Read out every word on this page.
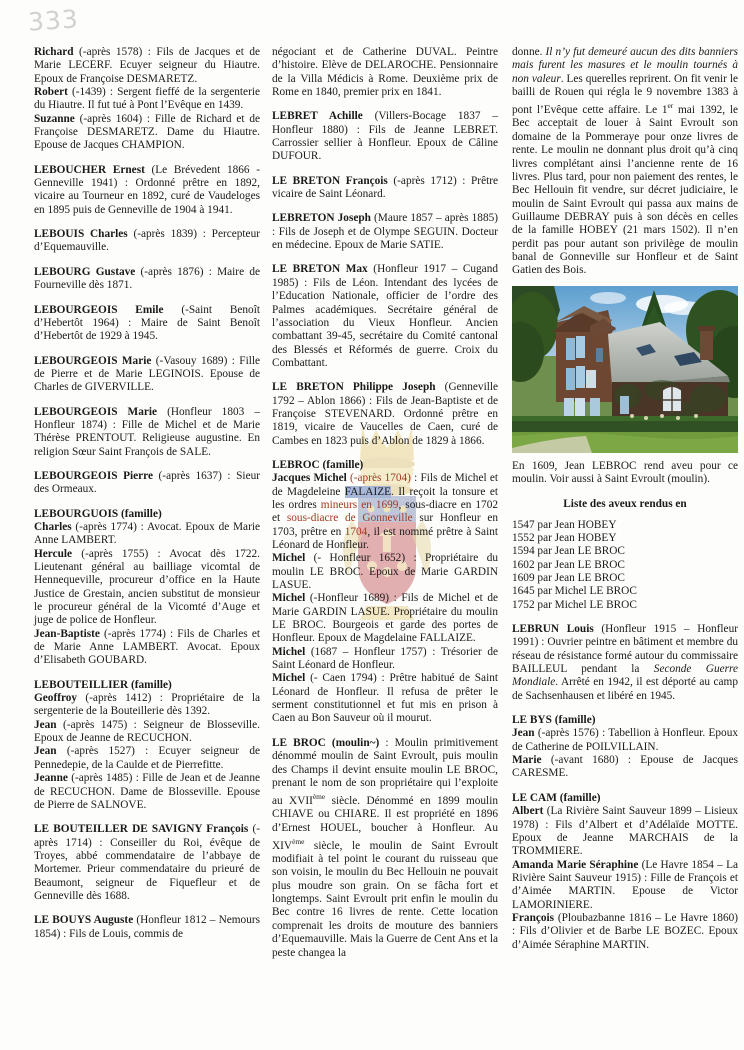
333

Richard (-après 1578) : Fils de Jacques et de Marie LECERF. Ecuyer seigneur du Hiautre. Epoux de Françoise DESMARETZ.

Robert (-1439) : Sergent fieffé de la sergenterie du Hiautre. Il fut tué à Pont l’Evêque en 1439.

Suzanne (-après 1604) : Fille de Richard et de Françoise DESMARETZ. Dame du Hiautre. Epouse de Jacques CHAMPION.

LEBOUCHER Ernest (Le Brévedent 1866 - Genneville 1941) : Ordonné prêtre en 1892, vicaire au Tourneur en 1892, curé de Vaudeloges en 1895 puis de Genneville de 1904 à 1941.

LEBOUIS Charles (-après 1839) : Percepteur d’Equemauville.

LEBOURG Gustave (-après 1876) : Maire de Fourneville dès 1871.

LEBOURGEOIS Emile (-Saint Benoît d’Hebertôt 1964) : Maire de Saint Benoît d’Hebertôt de 1929 à 1945.

LEBOURGEOIS Marie (-Vasouy 1689) : Fille de Pierre et de Marie LEGINOIS. Epouse de Charles de GIVERVILLE.

LEBOURGEOIS Marie (Honfleur 1803 – Honfleur 1874) : Fille de Michel et de Marie Thérèse PRENTOUT. Religieuse augustine. En religion Sœur Saint François de SALE.

LEBOURGEOIS Pierre (-après 1637) : Sieur des Ormeaux.

LEBOURGUOIS (famille)

Charles (-après 1774) : Avocat. Epoux de Marie Anne LAMBERT.

Hercule (-après 1755) : Avocat dès 1722. Lieutenant général au bailliage vicomtal de Hennequeville, procureur d’office en la Haute Justice de Grestain, ancien substitut de monsieur le procureur général de la Vicomté d’Auge et juge de police de Honfleur.

Jean-Baptiste (-après 1774) : Fils de Charles et de Marie Anne LAMBERT. Avocat. Epoux d’Elisabeth GOUBARD.

LEBOUTEILLIER (famille)

Geoffroy (-après 1412) : Propriétaire de la sergenterie de la Bouteillerie dès 1392.

Jean (-après 1475) : Seigneur de Blosseville. Epoux de Jeanne de RECUCHON.

Jean (-après 1527) : Ecuyer seigneur de Pennedepie, de la Caulde et de Pierrefitte.

Jeanne (-après 1485) : Fille de Jean et de Jeanne de RECUCHON. Dame de Blosseville. Epouse de Pierre de SALNOVE.

LE BOUTEILLER DE SAVIGNY François (-après 1714) : Conseiller du Roi, évêque de Troyes, abbé commendataire de l’abbaye de Mortemer. Prieur commendataire du prieuré de Beaumont, seigneur de Fiquefleur et de Genneville dès 1688.

LE BOUYS Auguste (Honfleur 1812 – Nemours 1854) : Fils de Louis, commis de

négociant et de Catherine DUVAL. Peintre d’histoire. Elève de DELAROCHE. Pensionnaire de la Villa Médicis à Rome. Deuxième prix de Rome en 1840, premier prix en 1841.

LEBRET Achille (Villers-Bocage 1837 – Honfleur 1880) : Fils de Jeanne LEBRET. Carrossier sellier à Honfleur. Epoux de Câline DUFOUR.

LE BRETON François (-après 1712) : Prêtre vicaire de Saint Léonard.

LEBRETON Joseph (Maure 1857 – après 1885) : Fils de Joseph et de Olympe SEGUIN. Docteur en médecine. Epoux de Marie SATIE.

LE BRETON Max (Honfleur 1917 – Cugand 1985) : Fils de Léon. Intendant des lycées de l’Education Nationale, officier de l’ordre des Palmes académiques. Secrétaire général de l’association du Vieux Honfleur. Ancien combattant 39-45, secrétaire du Comité cantonal des Blessés et Réformés de guerre. Croix du Combattant.

LE BRETON Philippe Joseph (Genneville 1792 – Ablon 1866) : Fils de Jean-Baptiste et de Françoise STEVENARD. Ordonné prêtre en 1819, vicaire de Vaucelles de Caen, curé de Cambes en 1823 puis d’Ablon de 1829 à 1866.

LEBROC (famille)

Jacques Michel (-après 1704) : Fils de Michel et de Magdeleine FALAIZE. Il reçoit la tonsure et les ordres mineurs en 1699, sous-diacre en 1702 et sous-diacre de Gonneville sur Honfleur en 1703, prêtre en 1704, il est nommé prêtre à Saint Léonard de Honfleur.

Michel (- Honfleur 1652) : Propriétaire du moulin LE BROC. Epoux de Marie GARDIN LASUE.

Michel (-Honfleur 1689) : Fils de Michel et de Marie GARDIN LASUE. Propriétaire du moulin LE BROC. Bourgeois et garde des portes de Honfleur. Epoux de Magdelaine FALLAIZE.

Michel (1687 – Honfleur 1757) : Trésorier de Saint Léonard de Honfleur.

Michel (- Caen 1794) : Prêtre habitué de Saint Léonard de Honfleur. Il refusa de prêter le serment constitutionnel et fut mis en prison à Caen au Bon Sauveur où il mourut.

LE BROC (moulin~) : Moulin primitivement dénommé moulin de Saint Evroult, puis moulin des Champs il devint ensuite moulin LE BROC, prenant le nom de son propriétaire qui l’exploite au XVIIème siècle. Dénommé en 1899 moulin CHIAVE ou CHIARE. Il est propriété en 1896 d’Ernest HOUEL, boucher à Honfleur. Au XIVème siècle, le moulin de Saint Evroult modifiait à tel point le courant du ruisseau que son voisin, le moulin du Bec Hellouin ne pouvait plus moudre son grain. On se fâcha fort et longtemps. Saint Evroult prit enfin le moulin du Bec contre 16 livres de rente. Cette location comprenait les droits de mouture des banniers d’Equemauville. Mais la Guerre de Cent Ans et la peste changea la

donne. Il n’y fut demeuré aucun des dits banniers mais furent les masures et le moulin tournés à non valeur. Les querelles reprirent. On fit venir le bailli de Rouen qui régla le 9 novembre 1383 à pont l’Evêque cette affaire. Le 1er mai 1392, le Bec acceptait de louer à Saint Evroult son domaine de la Pommeraye pour onze livres de rente. Le moulin ne donnant plus droit qu’à cinq livres complétant ainsi l’ancienne rente de 16 livres. Plus tard, pour non paiement des rentes, le Bec Hellouin fit vendre, sur décret judiciaire, le moulin de Saint Evroult qui passa aux mains de Guillaume DEBRAY puis à son décès en celles de la famille HOBEY (21 mars 1502). Il n’en perdit pas pour autant son privilège de moulin banal de Gonneville sur Honfleur et de Saint Gatien des Bois.

En 1609, Jean LEBROC rend aveu pour ce moulin. Voir aussi à Saint Evroult (moulin).

Liste des aveux rendus en

1547 par Jean HOBEY

1552 par Jean HOBEY

1594 par Jean LE BROC

1602 par Jean LE BROC

1609 par Jean LE BROC

1645 par Michel LE BROC

1752 par Michel LE BROC

LEBRUN Louis (Honfleur 1915 – Honfleur 1991) : Ouvrier peintre en bâtiment et membre du réseau de résistance formé autour du commissaire BAILLEUL pendant la Seconde Guerre Mondiale. Arrêté en 1942, il est déporté au camp de Sachsenhausen et libéré en 1945.

LE BYS (famille)

Jean (-après 1576) : Tabellion à Honfleur. Epoux de Catherine de POILVILLAIN.

Marie (-avant 1680) : Epouse de Jacques CARESME.

LE CAM (famille)

Albert (La Rivière Saint Sauveur 1899 – Lisieux 1978) : Fils d’Albert et d’Adélaïde MOTTE. Epoux de Jeanne MARCHAIS de la TROMMIERE.

Amanda Marie Séraphine (Le Havre 1854 – La Rivière Saint Sauveur 1915) : Fille de François et d’Aimée MARTIN. Epouse de Victor LAMORINIERE.

François (Ploubazbanne 1816 – Le Havre 1860) : Fils d’Olivier et de Barbe LE BOZEC. Epoux d’Aimée Séraphine MARTIN.
